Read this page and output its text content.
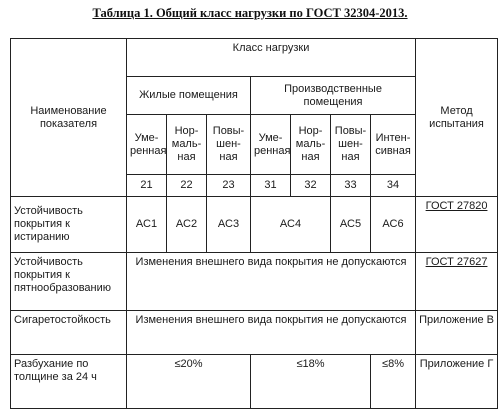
Таблица 1. Общий класс нагрузки по ГОСТ 32304-2013.
Наименование показателя	Класс нагрузки							Метод испытания
	Жилые помещения			Производственные помещения				
	Уме-ренная	Нор-маль-ная	Повы-шен-ная	Уме-ренная	Нор-маль-ная	Повы-шен-ная	Интен-сивная	
	21	22	23	31	32	33	34	
Устойчивость покрытия к истиранию	АС1	АС2	АС3	АС4		АС5	АС6	ГОСТ 27820
Устойчивость покрытия к пятнообразованию	Изменения внешнего вида покрытия не допускаются							ГОСТ 27627
Сигаретостойкость	Изменения внешнего вида покрытия не допускаются							Приложение В
Разбухание по толщине за 24 ч	≤20%			≤18%			≤8%	Приложение Г
